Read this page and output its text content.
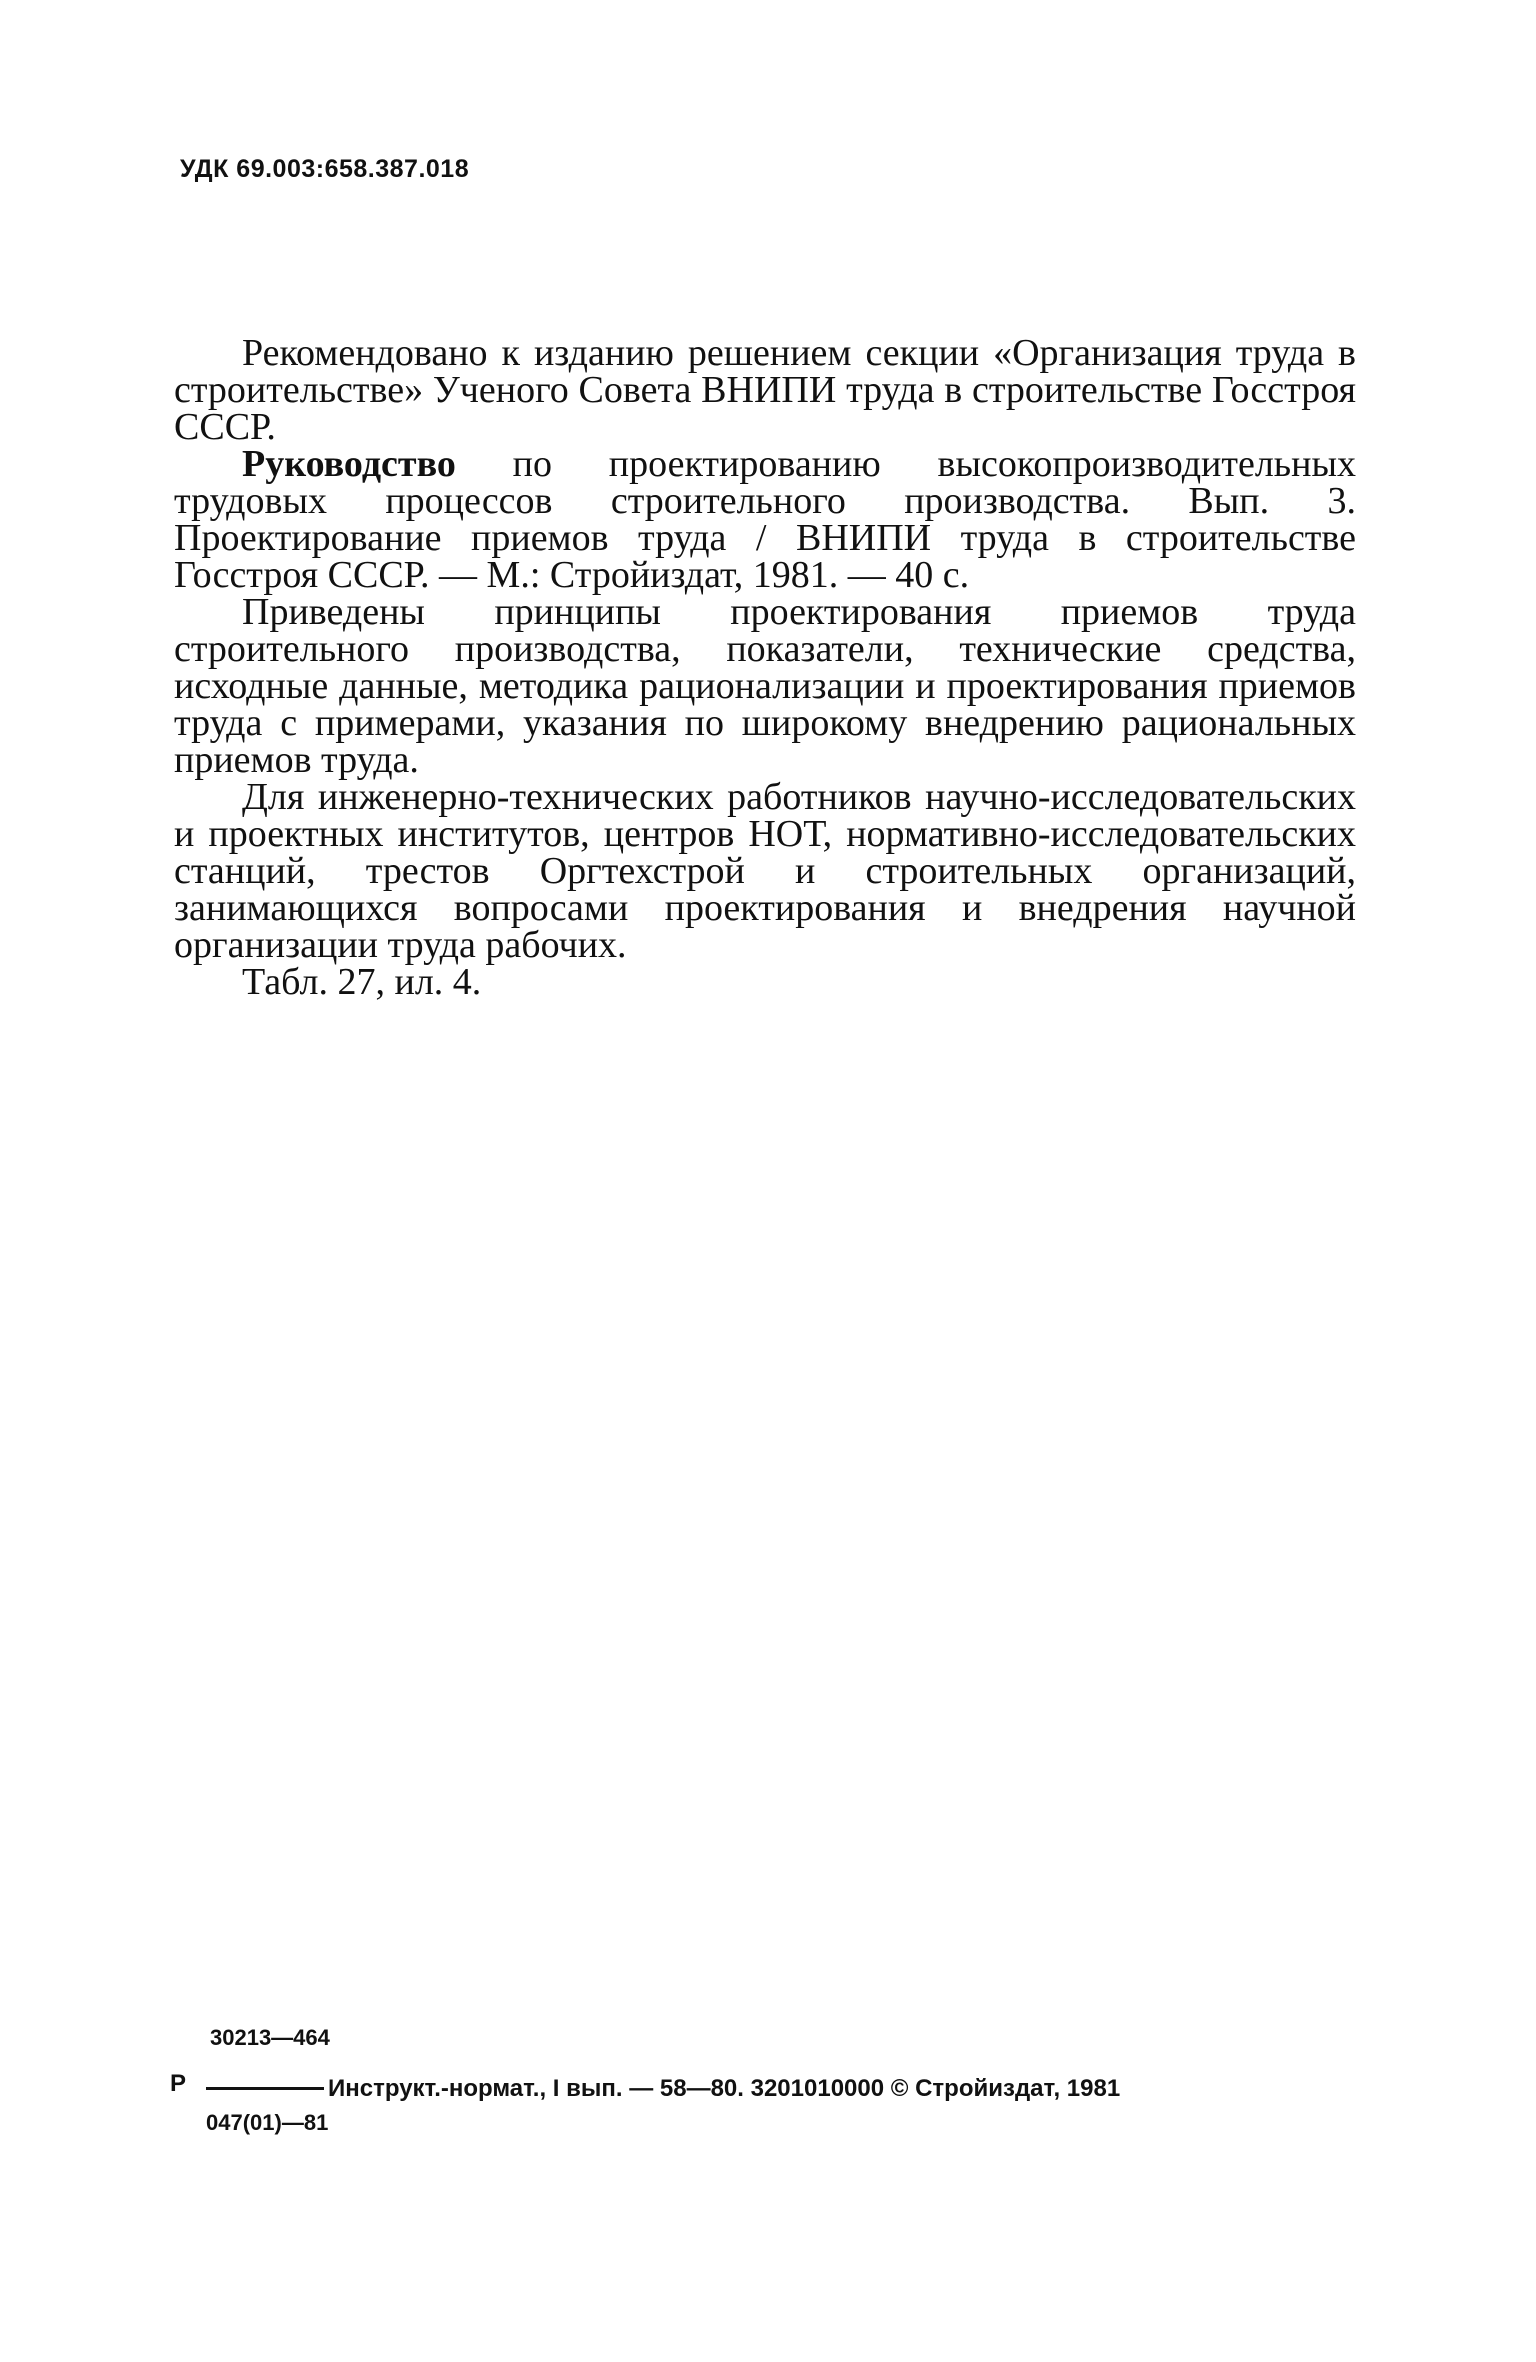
УДК 69.003:658.387.018

Рекомендовано к изданию решением секции «Организация труда в строительстве» Ученого Совета ВНИПИ труда в строительстве Госстроя СССР.

Руководство по проектированию высокопроизводительных трудовых процессов строительного производства. Вып. 3. Проектирование приемов труда / ВНИПИ труда в строительстве Госстроя СССР. — М.: Стройиздат, 1981. — 40 с.

Приведены принципы проектирования приемов труда строительного производства, показатели, технические средства, исходные данные, методика рационализации и проектирования приемов труда с примерами, указания по широкому внедрению рациональных приемов труда.

Для инженерно-технических работников научно-исследовательских и проектных институтов, центров НОТ, нормативно-исследовательских станций, трестов Оргтехстрой и строительных организаций, занимающихся вопросами проектирования и внедрения научной организации труда рабочих.

Табл. 27, ил. 4.

Р
30213—464
047(01)—81
Инструкт.-нормат., I вып. — 58—80. 3201010000 © Стройиздат, 1981
